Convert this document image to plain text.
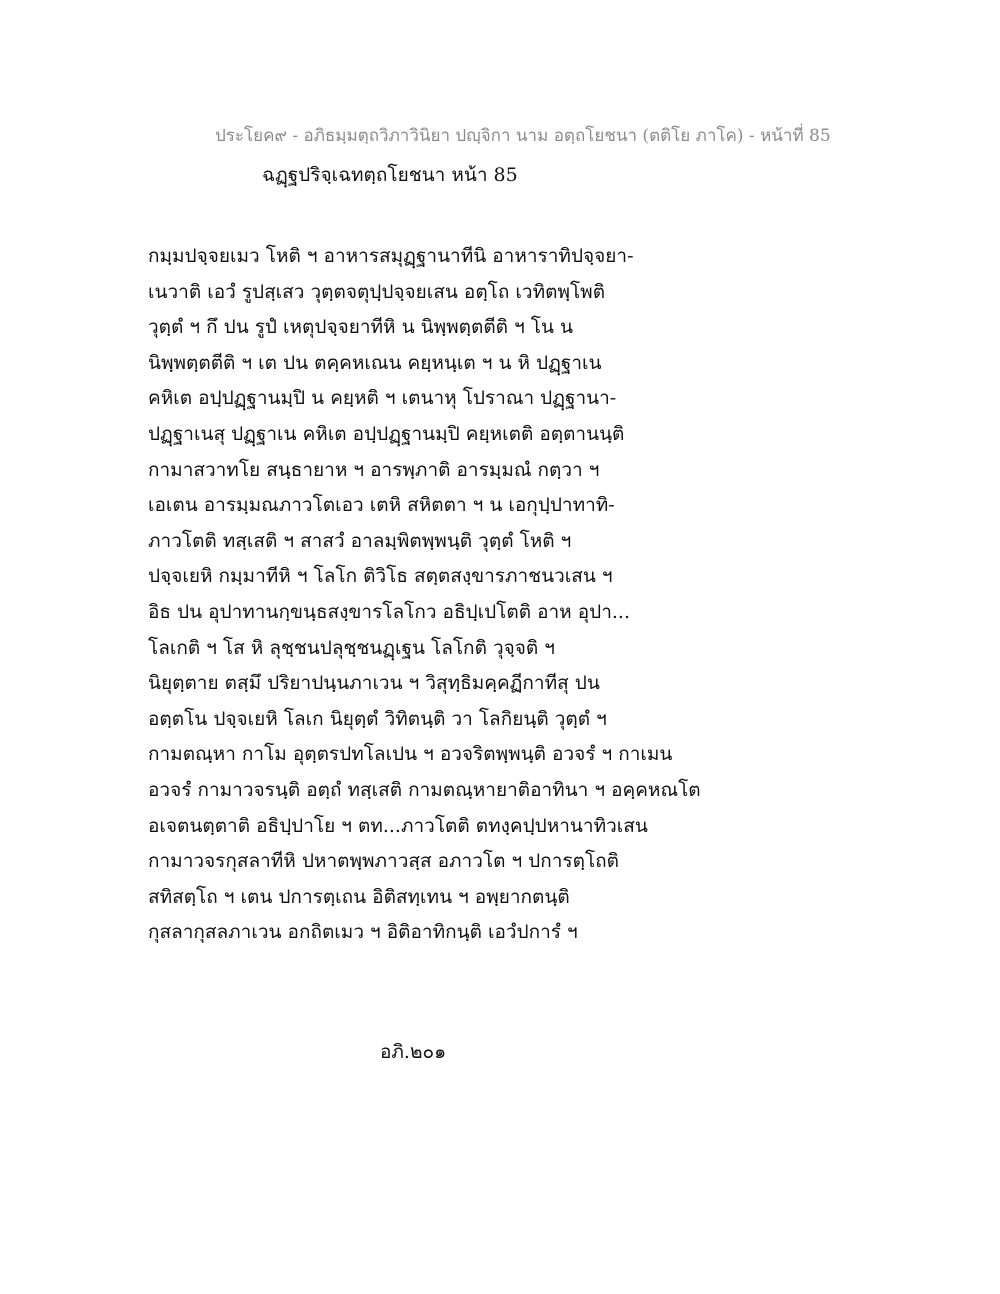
ประโยค๙ - อภิธมฺมตฺถวิภาวินิยา ปญฺจิกา นาม อตฺถโยชนา (ตติโย ภาโค) - หน้าที่ 85
ฉฏฺฐปริจฺเฉทตฺถโยชนา หน้า 85
กมฺมปจฺจยเมว โหติ ฯ อาหารสมุฏฺฐานาทีนิ อาหาราทิปจฺจยา-
เนวาติ เอวํ รูปสฺเสว วุตฺตจตุปฺปจฺจยเสน อตฺโถ เวทิตพฺโพติ
วุตฺตํ ฯ กึ ปน รูปํ เหตุปจฺจยาทีหิ น นิพฺพตฺตตีติ ฯ โน น
นิพฺพตฺตตีติ ฯ เต ปน ตคฺคหเณน คยฺหนฺเต ฯ น หิ ปฏฺฐาเน
คหิเต อปฺปฏฺฐานมฺปิ น คยฺหติ ฯ เตนาหุ โปราณา ปฏฺฐานา-
ปฏฺฐาเนสุ ปฏฺฐาเน คหิเต อปฺปฏฺฐานมฺปิ คยฺหเตติ อตฺตานนฺติ
กามาสวาทโย สนฺธายาห ฯ อารพฺภาติ อารมฺมณํ กตฺวา ฯ
เอเตน อารมฺมณภาวโตเอว เตหิ สหิตตา ฯ น เอกุปฺปาทาทิ-
ภาวโตติ ทสฺเสติ ฯ สาสวํ อาลมฺพิตพฺพนฺติ วุตฺตํ โหติ ฯ
ปจฺจเยหิ กมฺมาทีหิ ฯ โลโก ติวิโธ สตฺตสงฺขารภาชนวเสน ฯ
อิธ ปน อุปาทานกฺขนฺธสงฺขารโลโกว อธิปฺเปโตติ อาห อุปา...
โลเกติ ฯ โส หิ ลุชฺชนปลุชฺชนฏฺเฐน โลโกติ วุจฺจติ ฯ
นิยุตฺตาย ตสฺมึ ปริยาปนฺนภาเวน ฯ วิสุทฺธิมคฺคฏีกาทีสุ ปน
อตฺตโน ปจฺจเยหิ โลเก นิยุตฺตํ วิทิตนฺติ วา โลกิยนฺติ วุตฺตํ ฯ
กามตณฺหา กาโม อุตฺตรปทโลเปน ฯ อวจริตพฺพนฺติ อวจรํ ฯ กาเมน
อวจรํ กามาวจรนฺติ อตฺถํ ทสฺเสติ กามตณฺหายาติอาทินา ฯ อคฺคหณโต
อเจตนตฺตาติ อธิปฺปาโย ฯ ตท...ภาวโตติ ตทงฺคปฺปหานาทิวเสน
กามาวจรกุสลาทีหิ ปหาตพฺพภาวสฺส อภาวโต ฯ ปการตฺโถติ
สทิสตฺโถ ฯ เตน ปการตฺเถน อิติสทฺเทน ฯ อพฺยากตนฺติ
กุสลากุสลภาเวน อกถิตเมว ฯ อิติอาทิกนฺติ เอวํปการํ ฯ
อภิ.๒๐๑
